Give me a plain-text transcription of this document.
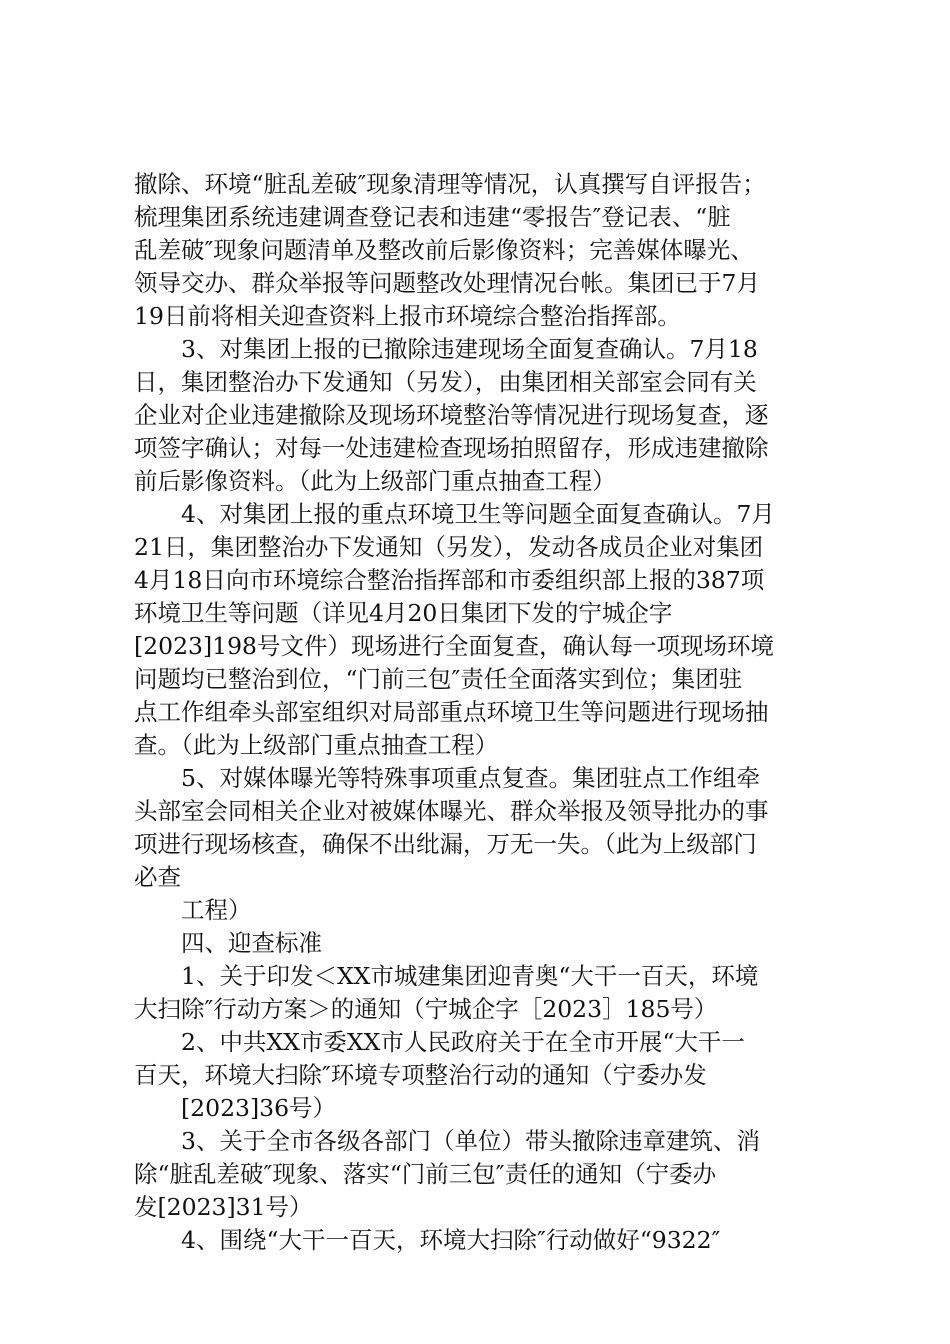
撤除、环境“脏乱差破″现象清理等情况，认真撰写自评报告；
梳理集团系统违建调查登记表和违建“零报告″登记表、“脏
乱差破″现象问题清单及整改前后影像资料；完善媒体曝光、
领导交办、群众举报等问题整改处理情况台帐。集团已于7月
19日前将相关迎查资料上报市环境综合整治指挥部。
3、对集团上报的已撤除违建现场全面复查确认。7月18
日，集团整治办下发通知（另发），由集团相关部室会同有关
企业对企业违建撤除及现场环境整治等情况进行现场复查，逐
项签字确认；对每一处违建检查现场拍照留存，形成违建撤除
前后影像资料。（此为上级部门重点抽查工程）
4、对集团上报的重点环境卫生等问题全面复查确认。7月
21日，集团整治办下发通知（另发），发动各成员企业对集团
4月18日向市环境综合整治指挥部和市委组织部上报的387项
环境卫生等问题（详见4月20日集团下发的宁城企字
[2023]198号文件）现场进行全面复查，确认每一项现场环境
问题均已整治到位，“门前三包″责任全面落实到位；集团驻
点工作组牵头部室组织对局部重点环境卫生等问题进行现场抽
查。（此为上级部门重点抽查工程）
5、对媒体曝光等特殊事项重点复查。集团驻点工作组牵
头部室会同相关企业对被媒体曝光、群众举报及领导批办的事
项进行现场核查，确保不出纰漏，万无一失。（此为上级部门
必查
工程）
四、迎查标准
1、关于印发＜XX市城建集团迎青奥“大干一百天，环境
大扫除″行动方案＞的通知（宁城企字［2023］185号）
2、中共XX市委XX市人民政府关于在全市开展“大干一
百天，环境大扫除″环境专项整治行动的通知（宁委办发
[2023]36号）
3、关于全市各级各部门（单位）带头撤除违章建筑、消
除“脏乱差破″现象、落实“门前三包″责任的通知（宁委办
发[2023]31号）
4、围绕“大干一百天，环境大扫除″行动做好“9322″
